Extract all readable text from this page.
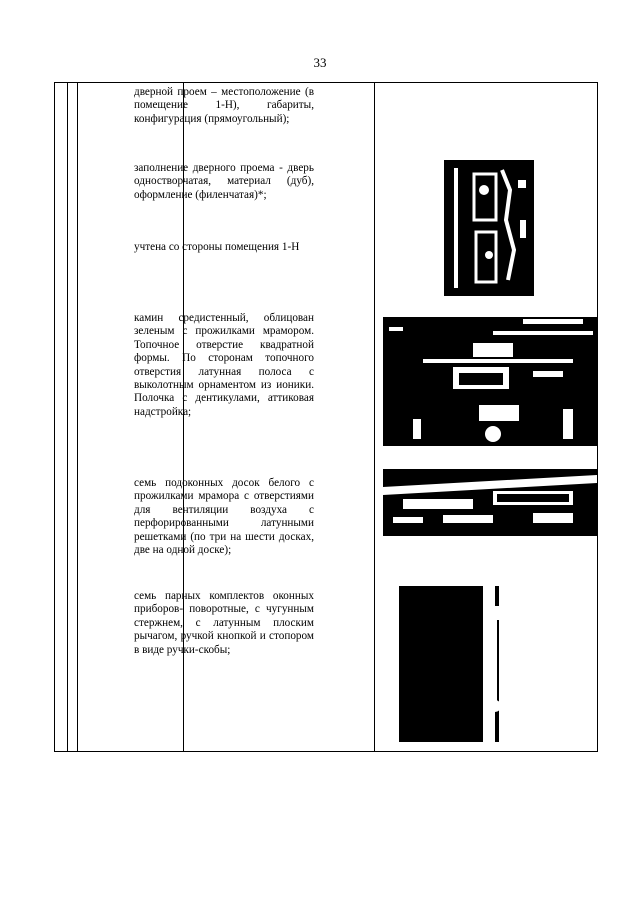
33
дверной проем – местоположение (в помещение 1-Н), габариты, конфигурация (прямоугольный);
заполнение дверного проема - дверь одностворчатая, материал (дуб), оформление (филенчатая)*;
учтена со стороны помещения 1-Н
камин средистенный, облицован зеленым с прожилками мрамором. Топочное отверстие квадратной формы. По сторонам топочного отверстия латунная полоса с выколотным орнаментом из ионики. Полочка с дентикулами, аттиковая надстройка;
семь подоконных досок белого с прожилками мрамора с отверстиями для вентиляции воздуха с перфорированными латунными решетками (по три на шести досках, две на одной доске);
семь парных комплектов оконных приборов- поворотные, с чугунным стержнем, с латунным плоским рычагом, ручкой кнопкой и стопором в виде ручки-скобы;
